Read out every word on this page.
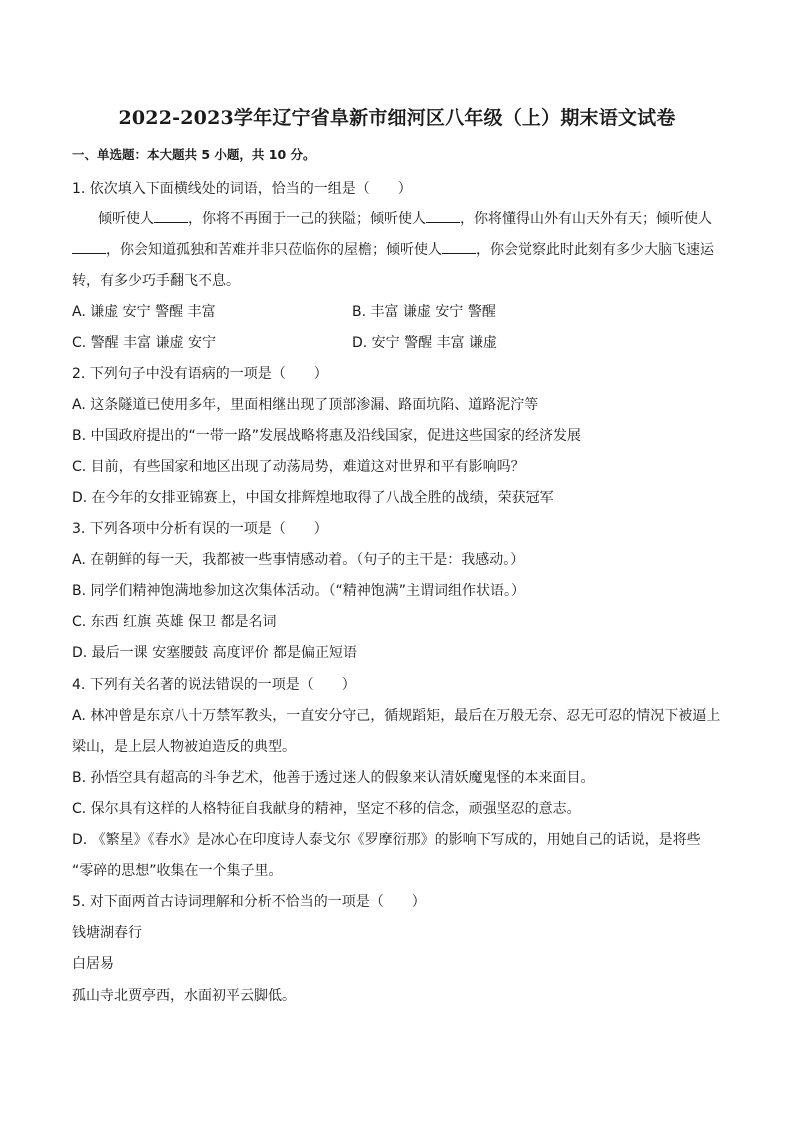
2022-2023学年辽宁省阜新市细河区八年级（上）期末语文试卷
一、单选题：本大题共 5 小题，共 10 分。
1. 依次填入下面横线处的词语，恰当的一组是（　　）
倾听使人 ，你将不再囿于一己的狭隘；倾听使人 ，你将懂得山外有山天外有天；倾听使人
，你会知道孤独和苦难并非只莅临你的屋檐；倾听使人 ，你会觉察此时此刻有多少大脑飞速运
转，有多少巧手翻飞不息。
A. 谦虚 安宁 警醒 丰富	B. 丰富 谦虚 安宁 警醒
C. 警醒 丰富 谦虚 安宁	D. 安宁 警醒 丰富 谦虚
2. 下列句子中没有语病的一项是（　　）
A. 这条隧道已使用多年，里面相继出现了顶部渗漏、路面坑陷、道路泥泞等
B. 中国政府提出的“一带一路”发展战略将惠及沿线国家，促进这些国家的经济发展
C. 目前，有些国家和地区出现了动荡局势，难道这对世界和平有影响吗？
D. 在今年的女排亚锦赛上，中国女排辉煌地取得了八战全胜的战绩，荣获冠军
3. 下列各项中分析有误的一项是（　　）
A. 在朝鲜的每一天，我都被一些事情感动着。（句子的主干是：我感动。）
B. 同学们精神饱满地参加这次集体活动。（“精神饱满”主谓词组作状语。）
C. 东西 红旗 英雄 保卫 都是名词
D. 最后一课 安塞腰鼓 高度评价 都是偏正短语
4. 下列有关名著的说法错误的一项是（　　）
A. 林冲曾是东京八十万禁军教头，一直安分守己，循规蹈矩，最后在万般无奈、忍无可忍的情况下被逼上
梁山，是上层人物被迫造反的典型。
B. 孙悟空具有超高的斗争艺术，他善于透过迷人的假象来认清妖魔鬼怪的本来面目。
C. 保尔具有这样的人格特征自我献身的精神，坚定不移的信念，顽强坚忍的意志。
D. 《繁星》《春水》是冰心在印度诗人泰戈尔《罗摩衍那》的影响下写成的，用她自己的话说，是将些
“零碎的思想”收集在一个集子里。
5. 对下面两首古诗词理解和分析不恰当的一项是（　　）
钱塘湖春行
白居易
孤山寺北贾亭西，水面初平云脚低。
